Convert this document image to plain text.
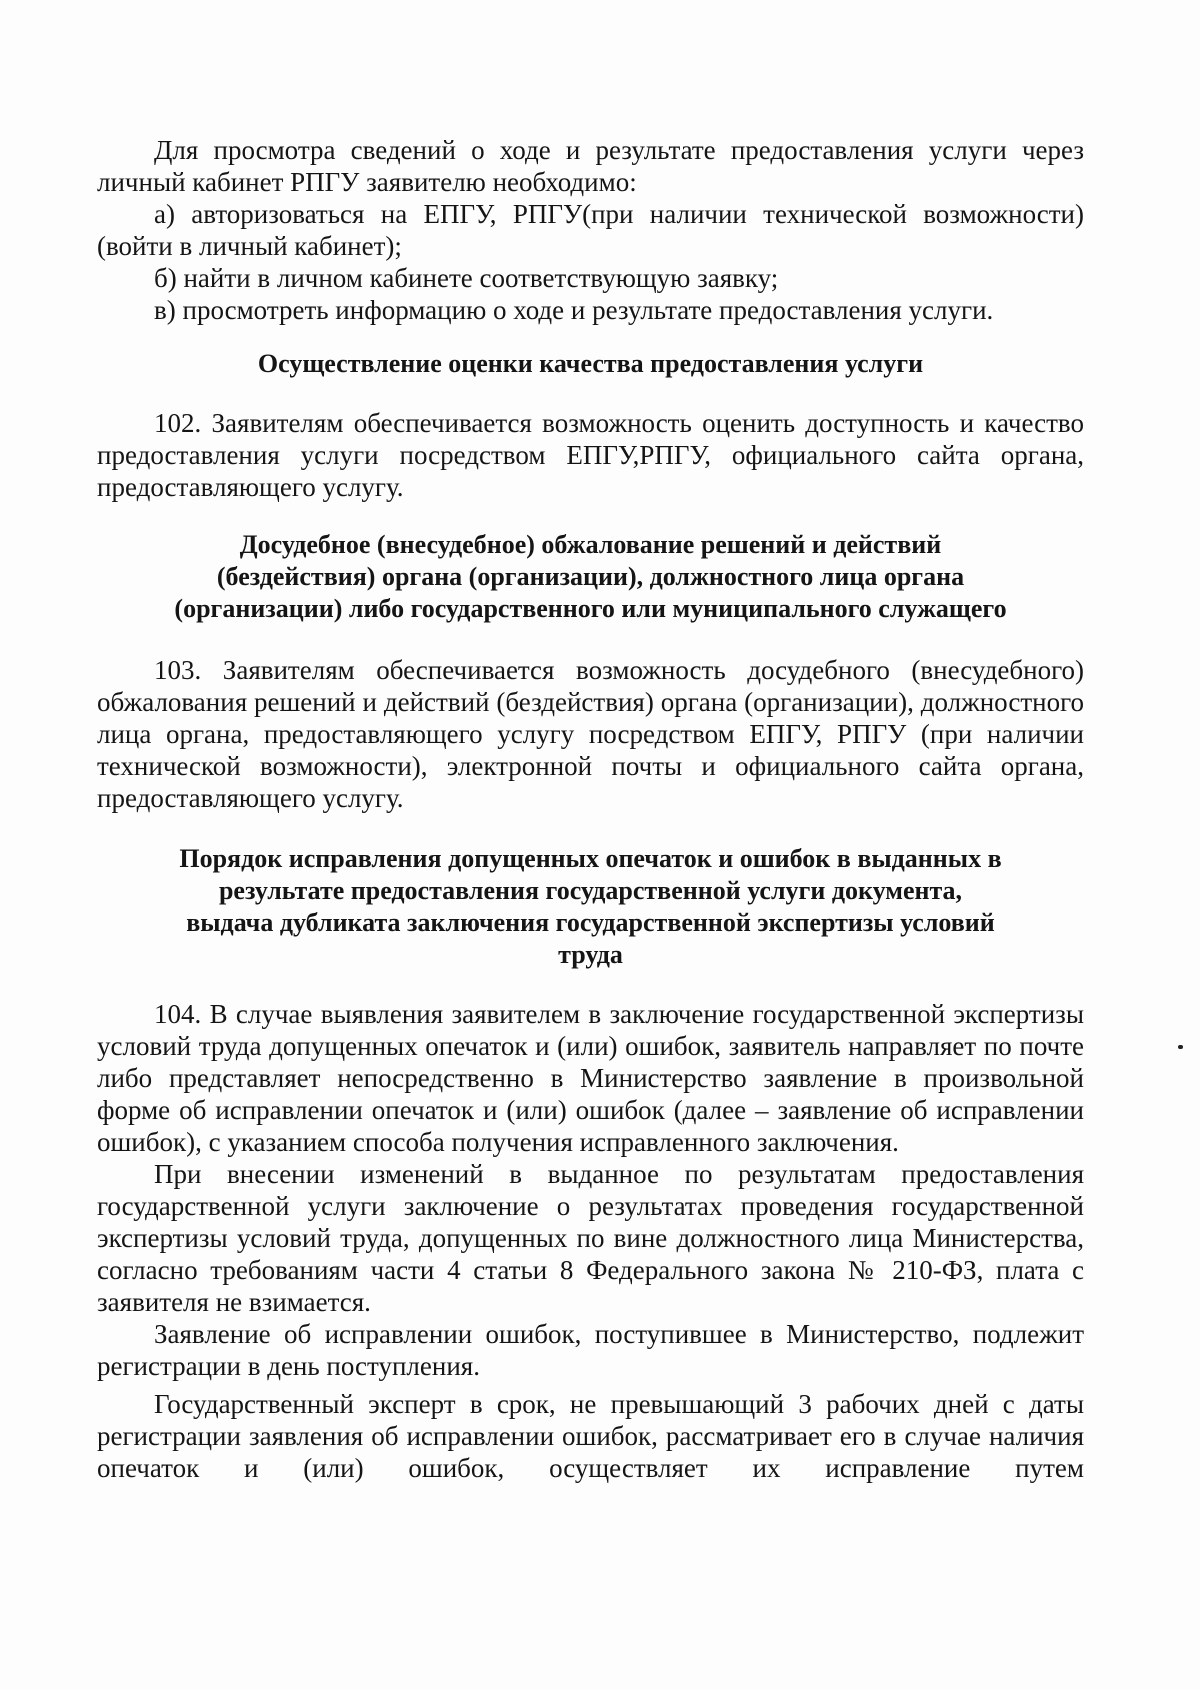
Для просмотра сведений о ходе и результате предоставления услуги через личный кабинет РПГУ заявителю необходимо:

а) авторизоваться на ЕПГУ, РПГУ(при наличии технической возможности) (войти в личный кабинет);

б) найти в личном кабинете соответствующую заявку;

в) просмотреть информацию о ходе и результате предоставления услуги.

Осуществление оценки качества предоставления услуги

102. Заявителям обеспечивается возможность оценить доступность и качество предоставления услуги посредством ЕПГУ,РПГУ, официального сайта органа, предоставляющего услугу.

Досудебное (внесудебное) обжалование решений и действий
(бездействия) органа (организации), должностного лица органа
(организации) либо государственного или муниципального служащего

103. Заявителям обеспечивается возможность досудебного (внесудебного) обжалования решений и действий (бездействия) органа (организации), должностного лица органа, предоставляющего услугу посредством ЕПГУ, РПГУ (при наличии технической возможности), электронной почты и официального сайта органа, предоставляющего услугу.

Порядок исправления допущенных опечаток и ошибок в выданных в
результате предоставления государственной услуги документа,
выдача дубликата заключения государственной экспертизы условий
труда

104. В случае выявления заявителем в заключение государственной экспертизы условий труда допущенных опечаток и (или) ошибок, заявитель направляет по почте либо представляет непосредственно в Министерство заявление в произвольной форме об исправлении опечаток и (или) ошибок (далее – заявление об исправлении ошибок), с указанием способа получения исправленного заключения.

При внесении изменений в выданное по результатам предоставления государственной услуги заключение о результатах проведения государственной экспертизы условий труда, допущенных по вине должностного лица Министерства, согласно требованиям части 4 статьи 8 Федерального закона № 210-ФЗ, плата с заявителя не взимается.

Заявление об исправлении ошибок, поступившее в Министерство, подлежит регистрации в день поступления.

Государственный эксперт в срок, не превышающий 3 рабочих дней с даты регистрации заявления об исправлении ошибок, рассматривает его в случае наличия опечаток и (или) ошибок, осуществляет их исправление путем
